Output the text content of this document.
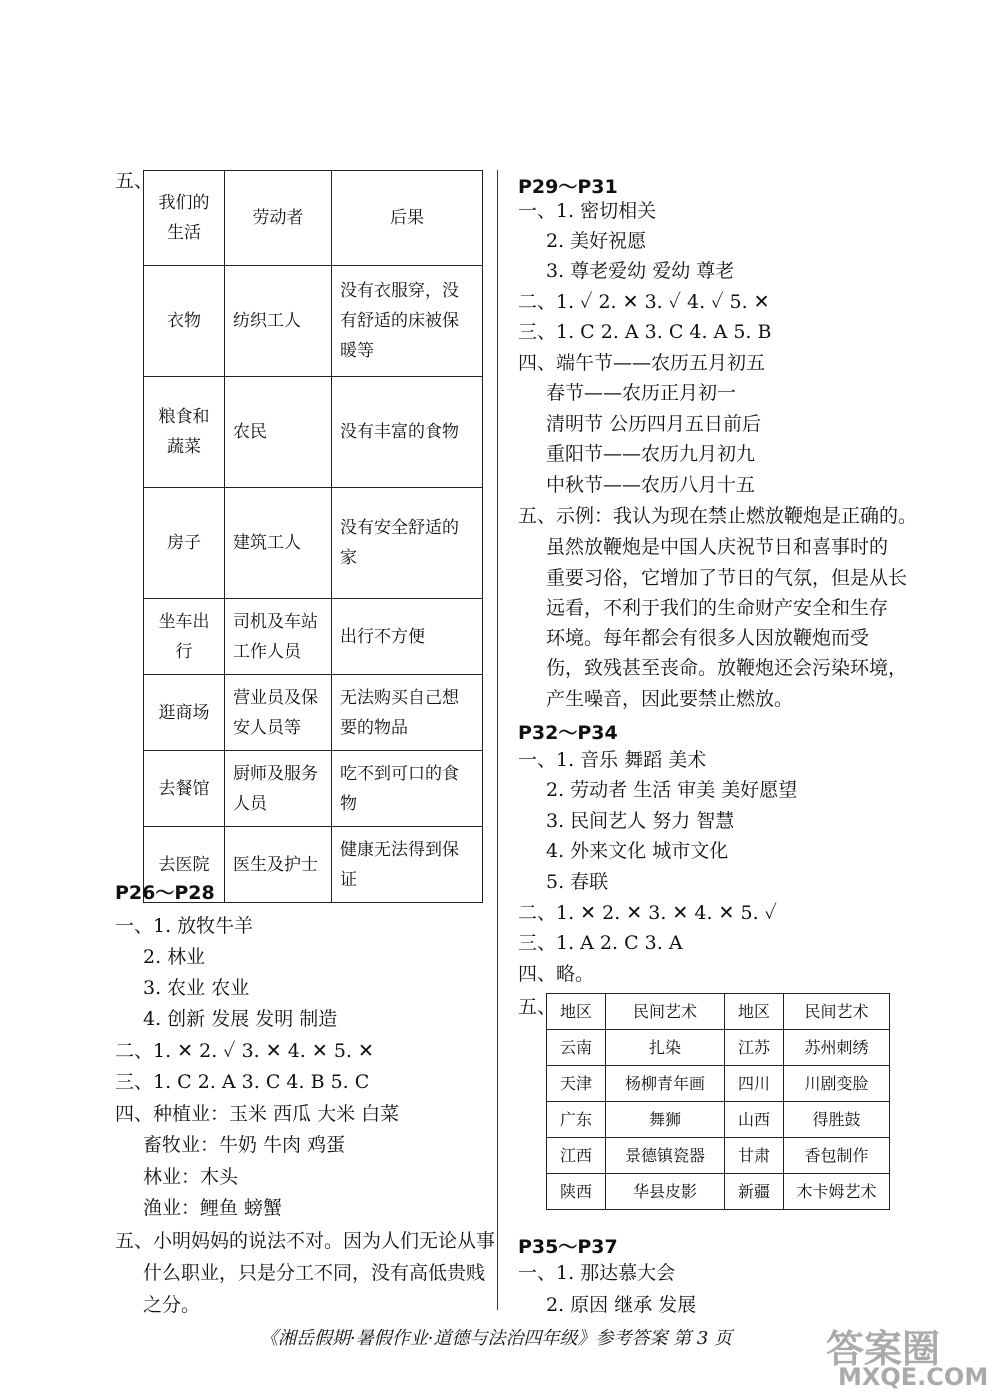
五、
我们的生活	劳动者	后果
衣物	纺织工人	没有衣服穿，没有舒适的床被保暖等
粮食和蔬菜	农民	没有丰富的食物
房子	建筑工人	没有安全舒适的家
坐车出行	司机及车站工作人员	出行不方便
逛商场	营业员及保安人员等	无法购买自己想要的物品
去餐馆	厨师及服务人员	吃不到可口的食物
去医院	医生及护士	健康无法得到保证
P26～P28
一、1. 放牧牛羊
2. 林业
3. 农业 农业
4. 创新 发展 发明 制造
二、1. ✕ 2. ✓ 3. ✕ 4. ✕ 5. ✕
三、1. C 2. A 3. C 4. B 5. C
四、种植业：玉米 西瓜 大米 白菜
畜牧业：牛奶 牛肉 鸡蛋
林业：木头
渔业：鲤鱼 螃蟹
五、小明妈妈的说法不对。因为人们无论从事
什么职业，只是分工不同，没有高低贵贱
之分。
P29～P31
一、1. 密切相关
2. 美好祝愿
3. 尊老爱幼 爱幼 尊老
二、1. ✓ 2. ✕ 3. ✓ 4. ✓ 5. ✕
三、1. C 2. A 3. C 4. A 5. B
四、端午节——农历五月初五
春节——农历正月初一
清明节 公历四月五日前后
重阳节——农历九月初九
中秋节——农历八月十五
五、示例：我认为现在禁止燃放鞭炮是正确的。
虽然放鞭炮是中国人庆祝节日和喜事时的
重要习俗，它增加了节日的气氛，但是从长
远看，不利于我们的生命财产安全和生存
环境。每年都会有很多人因放鞭炮而受
伤，致残甚至丧命。放鞭炮还会污染环境，
产生噪音，因此要禁止燃放。
P32～P34
一、1. 音乐 舞蹈 美术
2. 劳动者 生活 审美 美好愿望
3. 民间艺人 努力 智慧
4. 外来文化 城市文化
5. 春联
二、1. ✕ 2. ✕ 3. ✕ 4. ✕ 5. ✓
三、1. A 2. C 3. A
四、略。
五、 地区	民间艺术	地区	民间艺术
云南	扎染	江苏	苏州刺绣
天津	杨柳青年画	四川	川剧变脸
广东	舞狮	山西	得胜鼓
江西	景德镇瓷器	甘肃	香包制作
陕西	华县皮影	新疆	木卡姆艺术
P35～P37
一、1. 那达慕大会
2. 原因 继承 发展
《湘岳假期·暑假作业·道德与法治四年级》参考答案 第 3 页 答案圈
MXQE.COM
